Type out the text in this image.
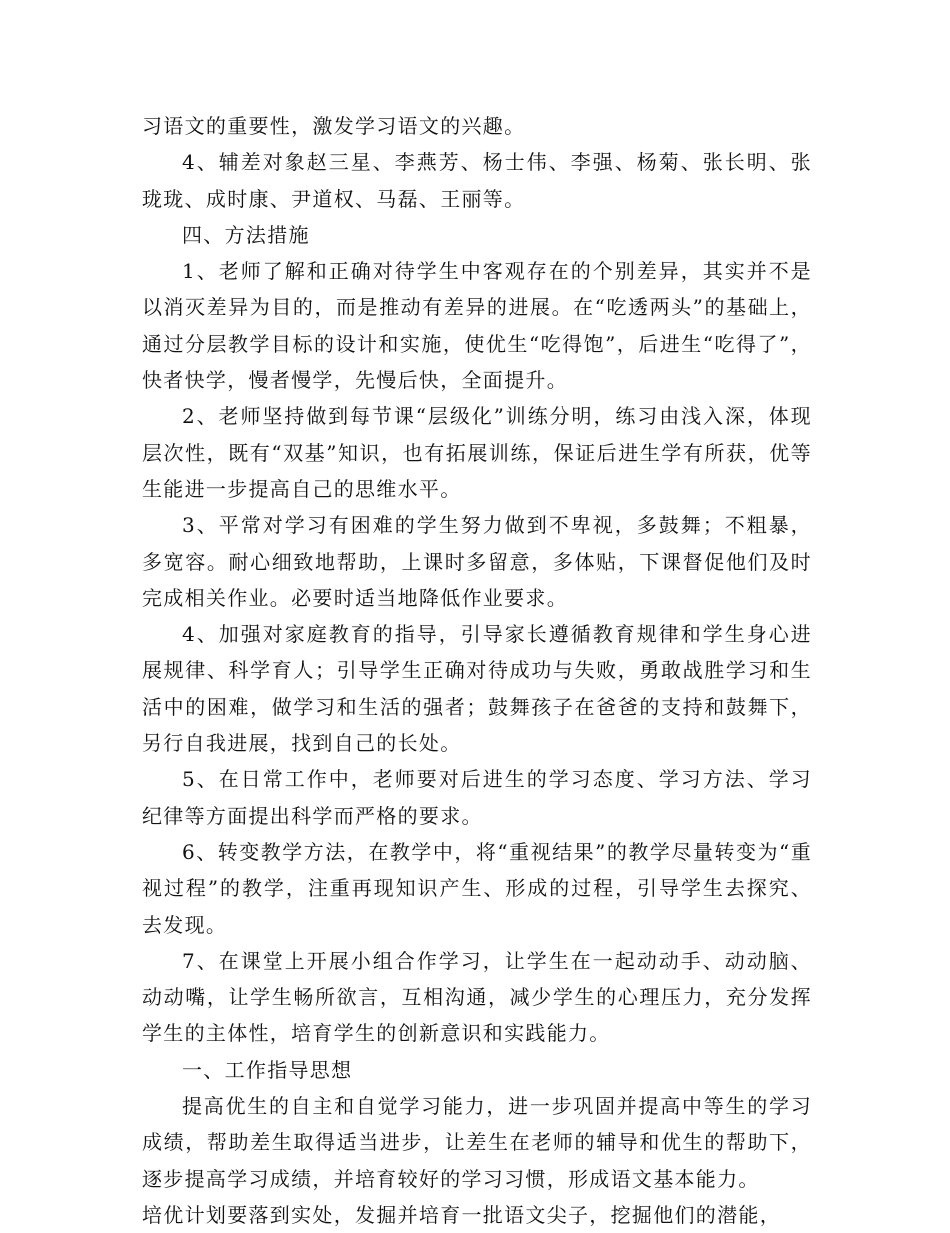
习语文的重要性，激发学习语文的兴趣。

4、辅差对象赵三星、李燕芳、杨士伟、李强、杨菊、张长明、张珑珑、成时康、尹道权、马磊、王丽等。

四、方法措施

1、老师了解和正确对待学生中客观存在的个别差异，其实并不是以消灭差异为目的，而是推动有差异的进展。在“吃透两头”的基础上，通过分层教学目标的设计和实施，使优生“吃得饱”，后进生“吃得了”，快者快学，慢者慢学，先慢后快，全面提升。

2、老师坚持做到每节课“层级化”训练分明，练习由浅入深，体现层次性，既有“双基”知识，也有拓展训练，保证后进生学有所获，优等生能进一步提高自己的思维水平。

3、平常对学习有困难的学生努力做到不卑视，多鼓舞；不粗暴，多宽容。耐心细致地帮助，上课时多留意，多体贴，下课督促他们及时完成相关作业。必要时适当地降低作业要求。

4、加强对家庭教育的指导，引导家长遵循教育规律和学生身心进展规律、科学育人；引导学生正确对待成功与失败，勇敢战胜学习和生活中的困难，做学习和生活的强者；鼓舞孩子在爸爸的支持和鼓舞下，另行自我进展，找到自己的长处。

5、在日常工作中，老师要对后进生的学习态度、学习方法、学习纪律等方面提出科学而严格的要求。

6、转变教学方法，在教学中，将“重视结果”的教学尽量转变为“重视过程”的教学，注重再现知识产生、形成的过程，引导学生去探究、去发现。

7、在课堂上开展小组合作学习，让学生在一起动动手、动动脑、动动嘴，让学生畅所欲言，互相沟通，减少学生的心理压力，充分发挥学生的主体性，培育学生的创新意识和实践能力。

一、工作指导思想

提高优生的自主和自觉学习能力，进一步巩固并提高中等生的学习成绩，帮助差生取得适当进步，让差生在老师的辅导和优生的帮助下，逐步提高学习成绩，并培育较好的学习习惯，形成语文基本能力。

培优计划要落到实处，发掘并培育一批语文尖子，挖掘他们的潜能，
